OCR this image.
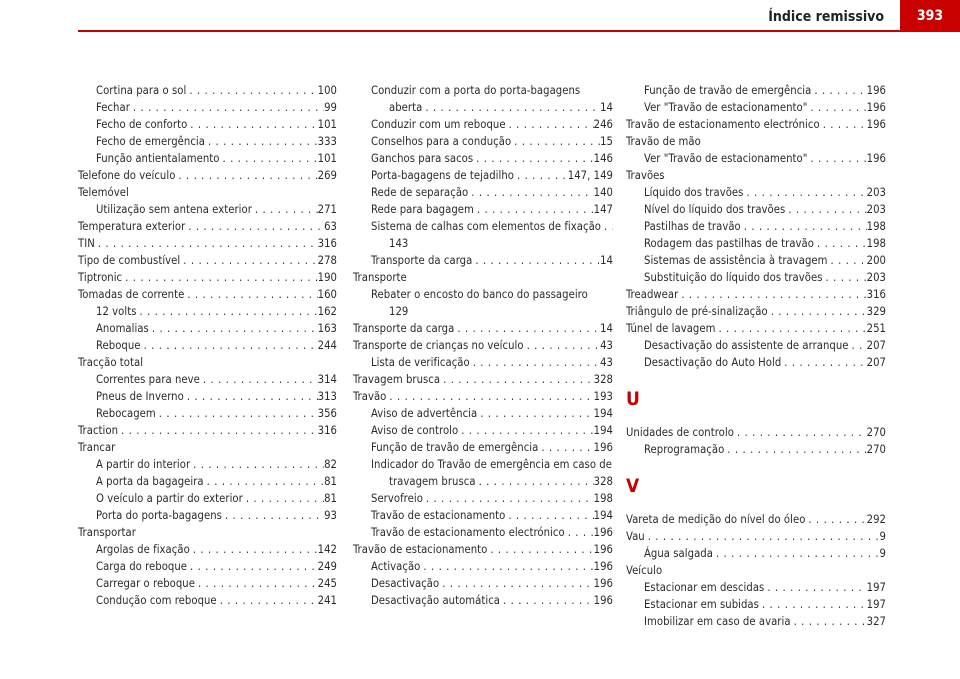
Índice remissivo	393
Cortina para o sol . . .	100
Fechar . . .	99
Fecho de conforto . . .	101
Fecho de emergência . . .	333
Função antientalamento . . .	101
Telefone do veículo . . .	269
Telemóvel
Utilização sem antena exterior . . .	271
Temperatura exterior . . .	63
TIN . . .	316
Tipo de combustível . . .	278
Tiptronic . . .	190
Tomadas de corrente . . .	160
12 volts . . .	162
Anomalias . . .	163
Reboque . . .	244
Tracção total
Correntes para neve . . .	314
Pneus de Inverno . . .	313
Rebocagem . . .	356
Traction . . .	316
Trancar
A partir do interior . . .	82
A porta da bagageira . . .	81
O veículo a partir do exterior . . .	81
Porta do porta-bagagens . . .	93
Transportar
Argolas de fixação . . .	142
Carga do reboque . . .	249
Carregar o reboque . . .	245
Condução com reboque . . .	241
Conduzir com a porta do porta-bagagens
aberta . . .	14
Conduzir com um reboque . . .	246
Conselhos para a condução . . .	15
Ganchos para sacos . . .	146
Porta-bagagens de tejadilho . . .	147, 149
Rede de separação . . .	140
Rede para bagagem . . .	147
Sistema de calhas com elementos de fixação
. . .
143
Transporte da carga . . .	14
Transporte
Rebater o encosto do banco do passageiro
129
Transporte da carga . . .	14
Transporte de crianças no veículo . . .	43
Lista de verificação . . .	43
Travagem brusca . . .	328
Travão . . .	193
Aviso de advertência . . .	194
Aviso de controlo . . .	194
Função de travão de emergência . . .	196
Indicador do Travão de emergência em caso de
travagem brusca . . .	328
Servofreio . . .	198
Travão de estacionamento . . .	194
Travão de estacionamento electrónico . . .	196
Travão de estacionamento . . .	196
Activação . . .	196
Desactivação . . .	196
Desactivação automática . . .	196
Função de travão de emergência . . .	196
Ver "Travão de estacionamento" . . .	196
Travão de estacionamento electrónico . . .	196
Travão de mão
Ver "Travão de estacionamento" . . .	196
Travões
Líquido dos travões . . .	203
Nível do líquido dos travões . . .	203
Pastilhas de travão . . .	198
Rodagem das pastilhas de travão . . .	198
Sistemas de assistência à travagem . . .	200
Substituição do líquido dos travões . . .	203
Treadwear . . .	316
Triângulo de pré-sinalização . . .	329
Túnel de lavagem . . .	251
Desactivação do assistente de arranque . . . 207
Desactivação do Auto Hold . . .	207
U
Unidades de controlo . . .	270
Reprogramação . . .	270
V
Vareta de medição do nível do óleo . . .	292
Vau . . .	9
Água salgada . . .	9
Veículo
Estacionar em descidas . . .	197
Estacionar em subidas . . .	197
Imobilizar em caso de avaria . . .	327
